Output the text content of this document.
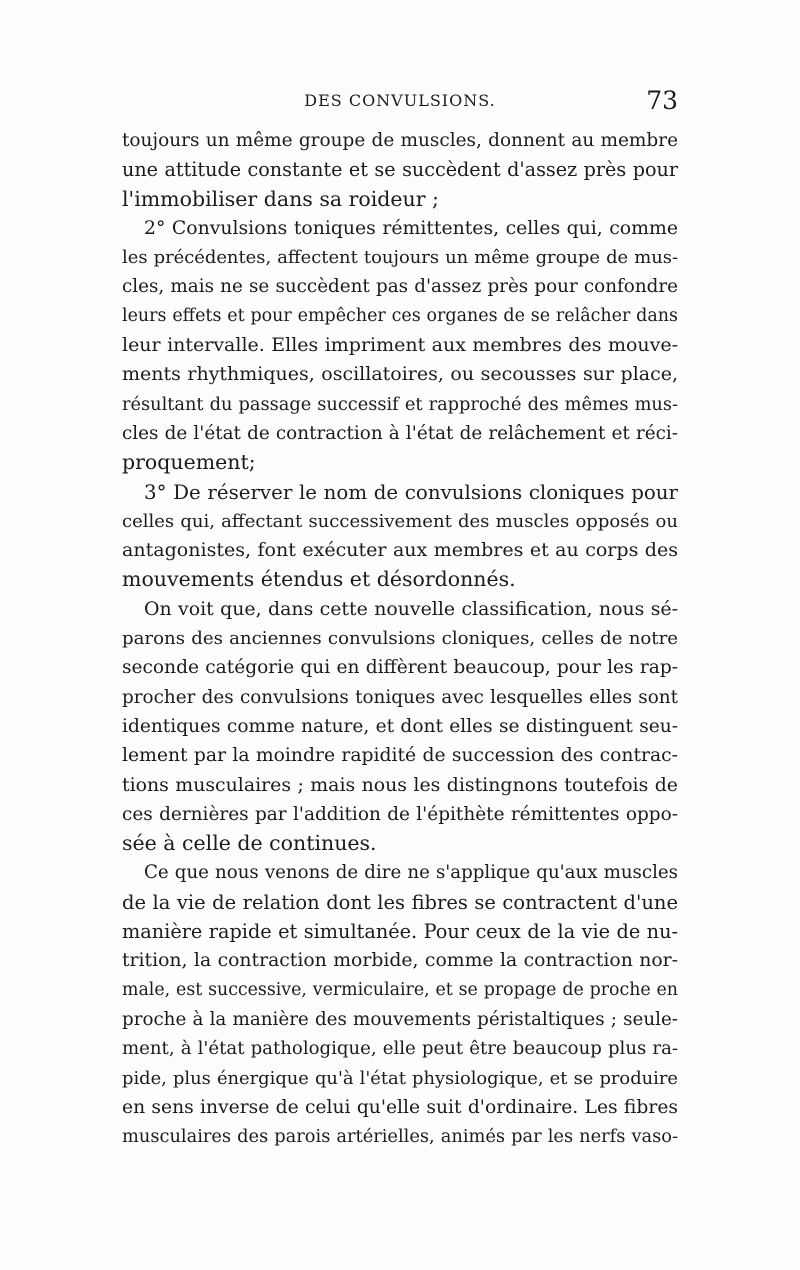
DES CONVULSIONS.	73
toujours un même groupe de muscles, donnent au membre
une attitude constante et se succèdent d'assez près pour
l'immobiliser dans sa roideur ;
2° Convulsions toniques rémittentes, celles qui, comme
les précédentes, affectent toujours un même groupe de mus-
cles, mais ne se succèdent pas d'assez près pour confondre
leurs effets et pour empêcher ces organes de se relâcher dans
leur intervalle. Elles impriment aux membres des mouve-
ments rhythmiques, oscillatoires, ou secousses sur place,
résultant du passage successif et rapproché des mêmes mus-
cles de l'état de contraction à l'état de relâchement et réci-
proquement;
3° De réserver le nom de convulsions cloniques pour
celles qui, affectant successivement des muscles opposés ou
antagonistes, font exécuter aux membres et au corps des
mouvements étendus et désordonnés.
On voit que, dans cette nouvelle classification, nous sé-
parons des anciennes convulsions cloniques, celles de notre
seconde catégorie qui en diffèrent beaucoup, pour les rap-
procher des convulsions toniques avec lesquelles elles sont
identiques comme nature, et dont elles se distinguent seu-
lement par la moindre rapidité de succession des contrac-
tions musculaires ; mais nous les distingnons toutefois de
ces dernières par l'addition de l'épithète rémittentes oppo-
sée à celle de continues.
Ce que nous venons de dire ne s'applique qu'aux muscles
de la vie de relation dont les fibres se contractent d'une
manière rapide et simultanée. Pour ceux de la vie de nu-
trition, la contraction morbide, comme la contraction nor-
male, est successive, vermiculaire, et se propage de proche en
proche à la manière des mouvements péristaltiques ; seule-
ment, à l'état pathologique, elle peut être beaucoup plus ra-
pide, plus énergique qu'à l'état physiologique, et se produire
en sens inverse de celui qu'elle suit d'ordinaire. Les fibres
musculaires des parois artérielles, animés par les nerfs vaso-
